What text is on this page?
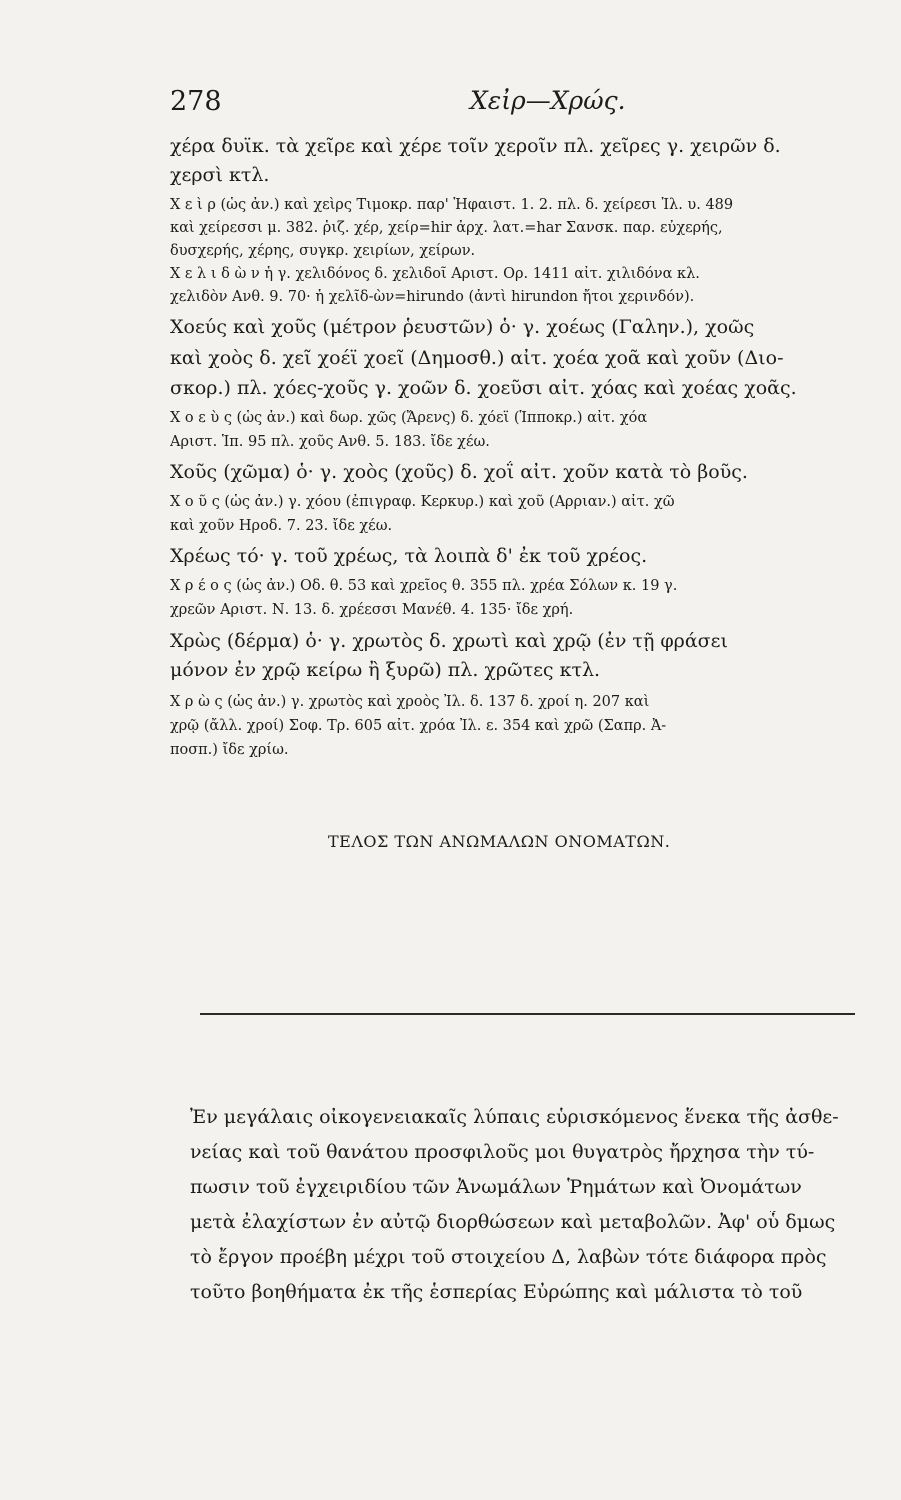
278	Χεἰρ—Χρώς.
χέρα δυϊκ. τὰ χεῖρε καὶ χέρε τοῖν χεροῖν πλ. χεῖρες γ. χειρῶν δ.
χερσὶ κτλ.
Χ ε ὶ ρ (ὡς ἀν.) καὶ χεὶρς Τιμοκρ. παρ' Ἡφαιστ. 1. 2. πλ. δ. χείρεσι Ἰλ. υ. 489
καὶ χείρεσσι μ. 382. ῥιζ. χέρ, χείρ=hir ἀρχ. λατ.=har Σανσκ. παρ. εὐχερής,
δυσχερής, χέρης, συγκρ. χειρίων, χείρων.
Χ ε λ ι δ ὼ ν ἡ γ. χελιδόνος δ. χελιδοῖ Αριστ. Ορ. 1411 αἰτ. χιλιδόνα κλ.
χελιδὸν Ανθ. 9. 70· ἡ χελῖδ-ὼν=hirundo (ἀντὶ hirundon ἤτοι χερινδόν).
Χοεύς καὶ χοῦς (μέτρον ῥευστῶν) ὁ· γ. χοέως (Γαλην.), χοῶς
καὶ χοὸς δ. χεῖ χοέϊ χοεῖ (Δημοσθ.) αἰτ. χοέα χοᾶ καὶ χοῦν (Διο-
σκορ.) πλ. χόες-χοῦς γ. χοῶν δ. χοεῦσι αἰτ. χόας καὶ χοέας χοᾶς.
Χ ο ε ὺ ς (ὡς ἀν.) καὶ δωρ. χῶς (Ἄρενς) δ. χόεϊ (Ἱπποκρ.) αἰτ. χόα
Αριστ. Ἱπ. 95 πλ. χοῦς Ανθ. 5. 183. ἴδε χέω.
Χοῦς (χῶμα) ὁ· γ. χοὸς (χοῦς) δ. χοΐ αἰτ. χοῦν κατὰ τὸ βοῦς.
Χ ο ῦ ς (ὡς ἀν.) γ. χόου (ἐπιγραφ. Κερκυρ.) καὶ χοῦ (Αρριαν.) αἰτ. χῶ
καὶ χοῦν Ηροδ. 7. 23. ἴδε χέω.
Χρέως τό· γ. τοῦ χρέως, τὰ λοιπὰ δ' ἐκ τοῦ χρέος.
Χ ρ έ ο ς (ὡς ἀν.) Οδ. θ. 53 καὶ χρεῖος θ. 355 πλ. χρέα Σόλων κ. 19 γ.
χρεῶν Αριστ. Ν. 13. δ. χρέεσσι Μανέθ. 4. 135· ἴδε χρή.
Χρὼς (δέρμα) ὁ· γ. χρωτὸς δ. χρωτὶ καὶ χρῷ (ἐν τῇ φράσει
μόνον ἐν χρῷ κείρω ἢ ξυρῶ) πλ. χρῶτες κτλ.
Χ ρ ὼ ς (ὡς ἀν.) γ. χρωτὸς καὶ χροὸς Ἰλ. δ. 137 δ. χροί η. 207 καὶ
χρῷ (ἄλλ. χροί) Σοφ. Τρ. 605 αἰτ. χρόα Ἰλ. ε. 354 καὶ χρῶ (Σαπρ. Ἀ-
ποσπ.) ἴδε χρίω.
ΤΕΛΟΣ ΤΩΝ ΑΝΩΜΑΛΩΝ ΟΝΟΜΑΤΩΝ.
Ἐν μεγάλαις οἰκογενειακαῖς λύπαις εὑρισκόμενος ἕνεκα τῆς ἀσθε-
νείας καὶ τοῦ θανάτου προσφιλοῦς μοι θυγατρὸς ἤρχησα τὴν τύ-
πωσιν τοῦ ἐγχειριδίου τῶν Ἀνωμάλων Ῥημάτων καὶ Ὀνομάτων
μετὰ ἐλαχίστων ἐν αὐτῷ διορθώσεων καὶ μεταβολῶν. Ἀφ' οὗ δμως
τὸ ἔργον προέβη μέχρι τοῦ στοιχείου Δ, λαβὼν τότε διάφορα πρὸς
τοῦτο βοηθήματα ἐκ τῆς ἑσπερίας Εὐρώπης καὶ μάλιστα τὸ τοῦ
